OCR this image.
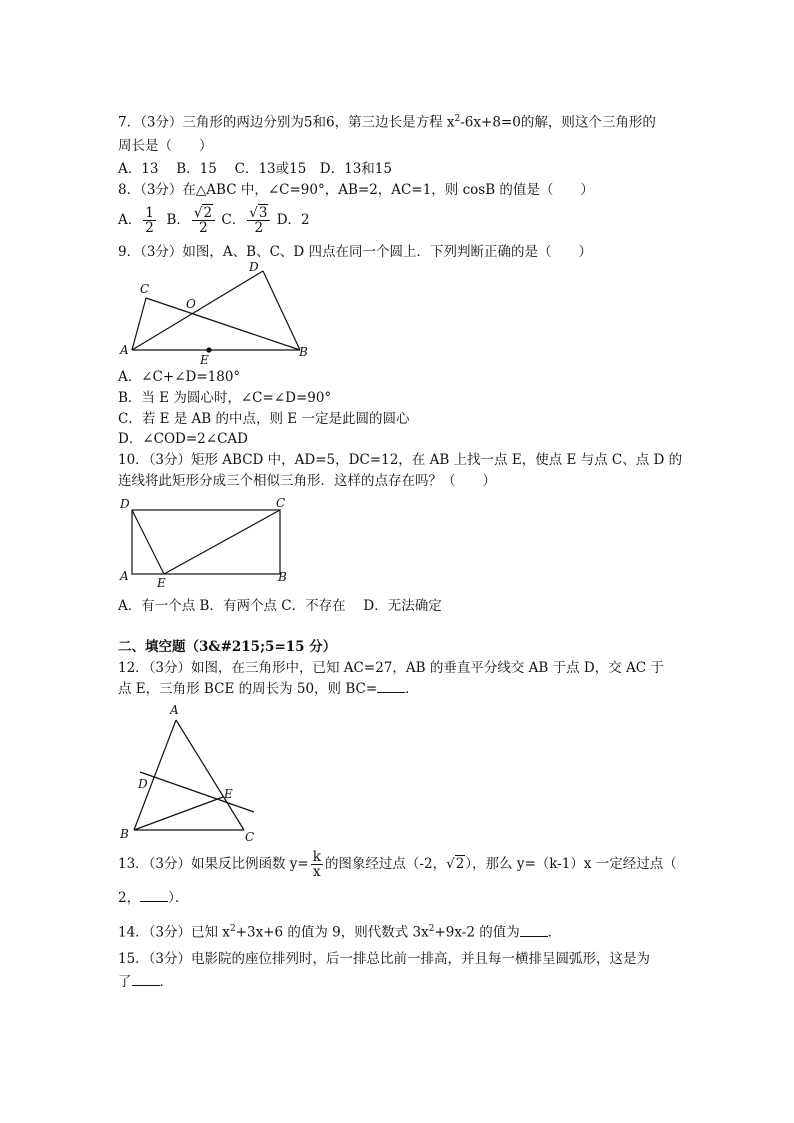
7．（3分）三角形的两边分别为5和6，第三边长是方程 $x^2-6x+8=0$的解，则这个三角形的
周长是（　　）
A．13　 B．15　 C．13或15　D．13和15
8．（3分）在△ABC 中，∠C=90°，AB=2，AC=1，则 cosB 的值是（　　）
A． $\frac{1}{2}$ B． $\frac{√2}{2}$ C． $\frac{√3}{2}$ D．2
9．（3分）如图，A、B、C、D 四点在同一个圆上．下列判断正确的是（　　）
A	B
C
D
O
E
A．∠C+∠D=180°
B．当 E 为圆心时，∠C=∠D=90°
C．若 E 是 AB 的中点，则 E 一定是此圆的圆心
D．∠COD=2∠CAD
10．（3分）矩形 ABCD 中，AD=5，DC=12，在 AB 上找一点 E，使点 E 与点 C、点 D 的
连线将此矩形分成三个相似三角形．这样的点存在吗？（　　）
D	C
A	B
E
A．有一个点 B．有两个点 C．不存在　 D．无法确定
二、填空题（3&#215;5=15 分）
12．（3分）如图，在三角形中，已知 AC=27，AB 的垂直平分线交 AB 于点 D，交 AC 于
点 E，三角形 BCE 的周长为 50，则 BC= ．
A
B	C
D
E
13．（3分）如果反比例函数 $y= \frac{k}{x}$ 的图象经过点（-2，√2），那么 y=（k-1）x 一定经过点（
2， ）．
14．（3分）已知 $x^2+3x+6$ 的值为 9，则代数式 $3x^2+9x-2$ 的值为 ．
15．（3分）电影院的座位排列时，后一排总比前一排高，并且每一横排呈圆弧形，这是为
了 ．
